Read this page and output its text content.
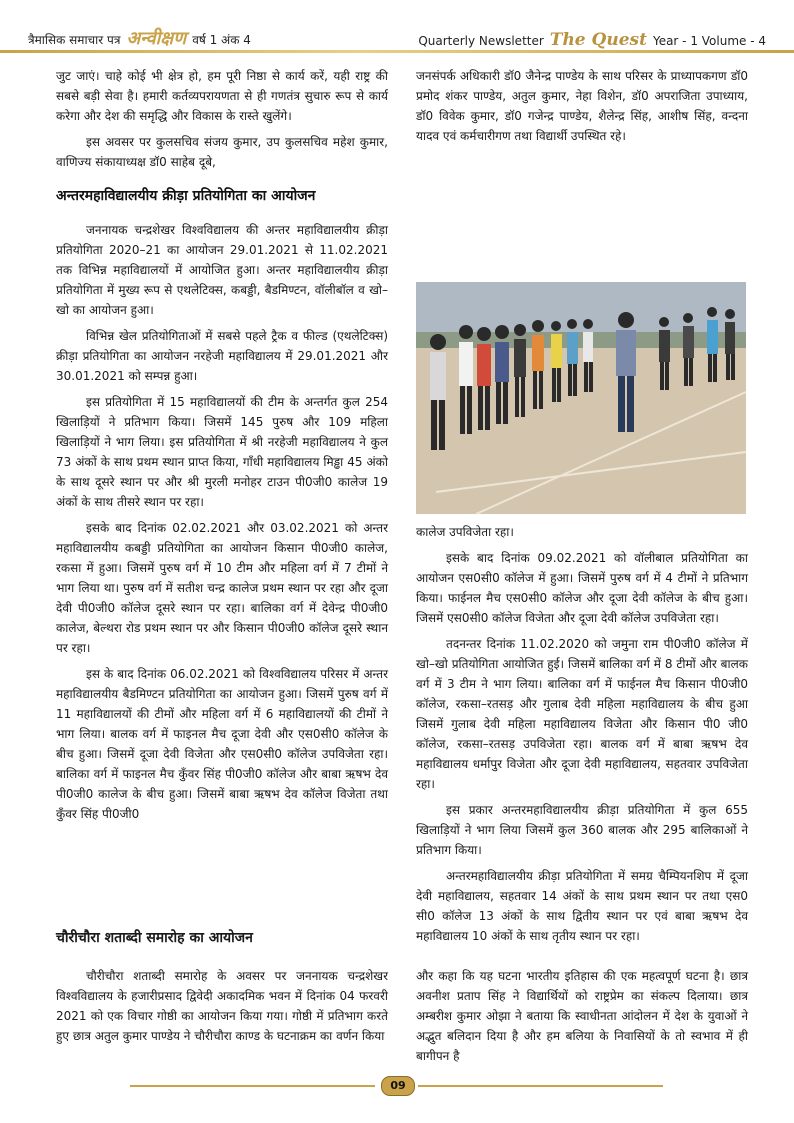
त्रैमासिक समाचार पत्र अन्वीक्षण वर्ष 1 अंक 4	Quarterly Newsletter The Quest Year - 1 Volume - 4

जुट जाएं। चाहे कोई भी क्षेत्र हो, हम पूरी निष्ठा से कार्य करें, यही राष्ट्र की सबसे बड़ी सेवा है। हमारी कर्तव्यपरायणता से ही गणतंत्र सुचारु रूप से कार्य करेगा और देश की समृद्धि और विकास के रास्ते खुलेंगे।

इस अवसर पर कुलसचिव संजय कुमार, उप कुलसचिव महेश कुमार, वाणिज्य संकायाध्यक्ष डॉ0 साहेब दूबे,

अन्तरमहाविद्यालयीय क्रीड़ा प्रतियोगिता का आयोजन

जननायक चन्द्रशेखर विश्वविद्यालय की अन्तर महाविद्यालयीय क्रीड़ा प्रतियोगिता 2020–21 का आयोजन 29.01.2021 से 11.02.2021 तक विभिन्न महाविद्यालयों में आयोजित हुआ। अन्तर महाविद्यालयीय क्रीड़ा प्रतियोगिता में मुख्य रूप से एथलेटिक्स, कबड्डी, बैडमिण्टन, वॉलीबॉल व खो–खो का आयोजन हुआ।

विभिन्न खेल प्रतियोगिताओं में सबसे पहले ट्रैक व फील्ड (एथलेटिक्स) क्रीड़ा प्रतियोगिता का आयोजन नरहेजी महाविद्यालय में 29.01.2021 और 30.01.2021 को सम्पन्न हुआ।

इस प्रतियोगिता में 15 महाविद्यालयों की टीम के अन्तर्गत कुल 254 खिलाड़ियों ने प्रतिभाग किया। जिसमें 145 पुरुष और 109 महिला खिलाड़ियों ने भाग लिया। इस प्रतियोगिता में श्री नरहेजी महाविद्यालय ने कुल 73 अंकों के साथ प्रथम स्थान प्राप्त किया, गाँधी महाविद्यालय मिड्ढा 45 अंको के साथ दूसरे स्थान पर और श्री मुरली मनोहर टाउन पी0जी0 कालेज 19 अंकों के साथ तीसरे स्थान पर रहा।

इसके बाद दिनांक 02.02.2021 और 03.02.2021 को अन्तर महाविद्यालयीय कबड्डी प्रतियोगिता का आयोजन किसान पी0जी0 कालेज, रकसा में हुआ। जिसमें पुरुष वर्ग में 10 टीम और महिला वर्ग में 7 टीमों ने भाग लिया था। पुरुष वर्ग में सतीश चन्द्र कालेज प्रथम स्थान पर रहा और दूजा देवी पी0जी0 कॉलेज दूसरे स्थान पर रहा। बालिका वर्ग में देवेन्द्र पी0जी0 कालेज, बेल्थरा रोड प्रथम स्थान पर और किसान पी0जी0 कॉलेज दूसरे स्थान पर रहा।

इस के बाद दिनांक 06.02.2021 को विश्वविद्यालय परिसर में अन्तर महाविद्यालयीय बैडमिण्टन प्रतियोगिता का आयोजन हुआ। जिसमें पुरुष वर्ग में 11 महाविद्यालयों की टीमों और महिला वर्ग में 6 महाविद्यालयों की टीमों ने भाग लिया। बालक वर्ग में फाइनल मैच दूजा देवी और एस0सी0 कॉलेज के बीच हुआ। जिसमें दूजा देवी विजेता और एस0सी0 कॉलेज उपविजेता रहा। बालिका वर्ग में फाइनल मैच कुँवर सिंह पी0जी0 कॉलेज और बाबा ऋषभ देव पी0जी0 कालेज के बीच हुआ। जिसमें बाबा ऋषभ देव कॉलेज विजेता तथा कुँवर सिंह पी0जी0

जनसंपर्क अधिकारी डॉ0 जैनेन्द्र पाण्डेय के साथ परिसर के प्राध्यापकगण डॉ0 प्रमोद शंकर पाण्डेय, अतुल कुमार, नेहा विशेन, डॉ0 अपराजिता उपाध्याय, डॉ0 विवेक कुमार, डॉ0 गजेन्द्र पाण्डेय, शैलेन्द्र सिंह, आशीष सिंह, वन्दना यादव एवं कर्मचारीगण तथा विद्यार्थी उपस्थित रहे।

कालेज उपविजेता रहा।

इसके बाद दिनांक 09.02.2021 को वॉलीबाल प्रतियोगिता का आयोजन एस0सी0 कॉलेज में हुआ। जिसमें पुरुष वर्ग में 4 टीमों ने प्रतिभाग किया। फाईनल मैच एस0सी0 कॉलेज और दूजा देवी कॉलेज के बीच हुआ। जिसमें एस0सी0 कॉलेज विजेता और दूजा देवी कॉलेज उपविजेता रहा।

तदनन्तर दिनांक 11.02.2020 को जमुना राम पी0जी0 कॉलेज में खो–खो प्रतियोगिता आयोजित हुई। जिसमें बालिका वर्ग में 8 टीमों और बालक वर्ग में 3 टीम ने भाग लिया। बालिका वर्ग में फाईनल मैच किसान पी0जी0 कॉलेज, रकसा–रतसड़ और गुलाब देवी महिला महाविद्यालय के बीच हुआ जिसमें गुलाब देवी महिला महाविद्यालय विजेता और किसान पी0 जी0 कॉलेज, रकसा–रतसड़ उपविजेता रहा। बालक वर्ग में बाबा ऋषभ देव महाविद्यालय धर्मापुर विजेता और दूजा देवी महाविद्यालय, सहतवार उपविजेता रहा।

इस प्रकार अन्तरमहाविद्यालयीय क्रीड़ा प्रतियोगिता में कुल 655 खिलाड़ियों ने भाग लिया जिसमें कुल 360 बालक और 295 बालिकाओं ने प्रतिभाग किया।

अन्तरमहाविद्यालयीय क्रीड़ा प्रतियोगिता में समग्र चैम्पियनशिप में दूजा देवी महाविद्यालय, सहतवार 14 अंकों के साथ प्रथम स्थान पर तथा एस0 सी0 कॉलेज 13 अंकों के साथ द्वितीय स्थान पर एवं बाबा ऋषभ देव महाविद्यालय 10 अंकों के साथ तृतीय स्थान पर रहा।

चौरीचौरा शताब्दी समारोह का आयोजन

चौरीचौरा शताब्दी समारोह के अवसर पर जननायक चन्द्रशेखर विश्वविद्यालय के हजारीप्रसाद द्विवेदी अकादमिक भवन में दिनांक 04 फरवरी 2021 को एक विचार गोष्ठी का आयोजन किया गया। गोष्ठी में प्रतिभाग करते हुए छात्र अतुल कुमार पाण्डेय ने चौरीचौरा काण्ड के घटनाक्रम का वर्णन किया

और कहा कि यह घटना भारतीय इतिहास की एक महत्वपूर्ण घटना है। छात्र अवनीश प्रताप सिंह ने विद्यार्थियों को राष्ट्रप्रेम का संकल्प दिलाया। छात्र अम्बरीश कुमार ओझा ने बताया कि स्वाधीनता आंदोलन में देश के युवाओं ने अद्भुत बलिदान दिया है और हम बलिया के निवासियों के तो स्वभाव में ही बागीपन है

09
